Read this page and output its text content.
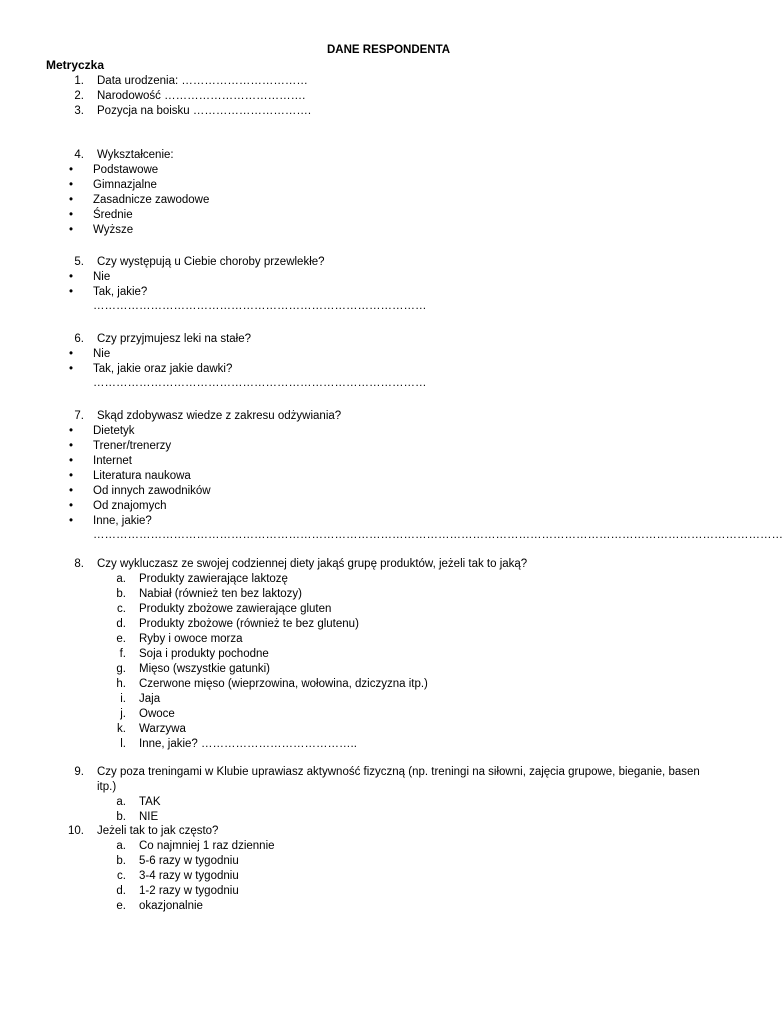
DANE RESPONDENTA
Metryczka
1. Data urodzenia: ……………………………
2. Narodowość ……………………………….
3. Pozycja na boisku ………………………….
4. Wykształcenie:
• Podstawowe
• Gimnazjalne
• Zasadnicze zawodowe
• Średnie
• Wyższe
5. Czy występują u Ciebie choroby przewlekłe?
• Nie
• Tak, jakie?
……………………………………………………………………………
6. Czy przyjmujesz leki na stałe?
• Nie
• Tak, jakie oraz jakie dawki?
……………………………………………………………………………
7. Skąd zdobywasz wiedze z zakresu odżywiania?
• Dietetyk
• Trener/trenerzy
• Internet
• Literatura naukowa
• Od innych zawodników
• Od znajomych
• Inne, jakie?
………………………………………………………………………………………………………………………………………………………………
8. Czy wykluczasz ze swojej codziennej diety jakąś grupę produktów, jeżeli tak to jaką?
a. Produkty zawierające laktozę
b. Nabiał (również ten bez laktozy)
c. Produkty zbożowe zawierające gluten
d. Produkty zbożowe (również te bez glutenu)
e. Ryby i owoce morza
f. Soja i produkty pochodne
g. Mięso (wszystkie gatunki)
h. Czerwone mięso (wieprzowina, wołowina, dziczyzna itp.)
i. Jaja
j. Owoce
k. Warzywa
l. Inne, jakie? …………………………………..
9. Czy poza treningami w Klubie uprawiasz aktywność fizyczną (np. treningi na siłowni, zajęcia grupowe, bieganie, basen
itp.)
a. TAK
b. NIE
10. Jeżeli tak to jak często?
a. Co najmniej 1 raz dziennie
b. 5-6 razy w tygodniu
c. 3-4 razy w tygodniu
d. 1-2 razy w tygodniu
e. okazjonalnie
